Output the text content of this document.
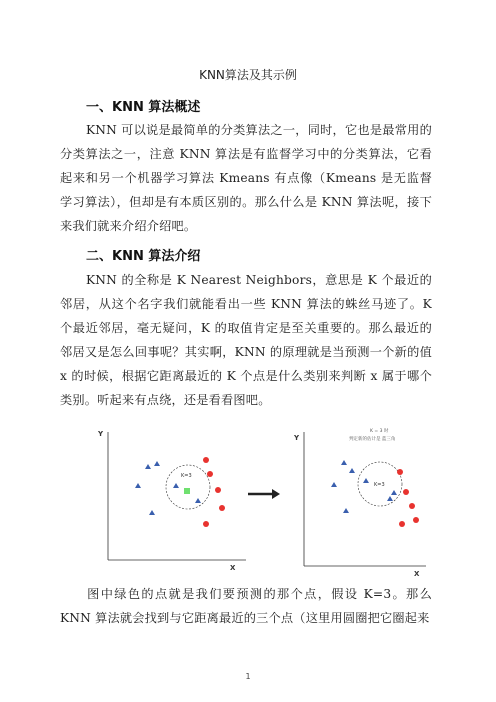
KNN算法及其示例
一、KNN 算法概述
KNN 可以说是最简单的分类算法之一，同时，它也是最常用的分类算法之一，注意 KNN 算法是有监督学习中的分类算法，它看起来和另一个机器学习算法 Kmeans 有点像（Kmeans 是无监督学习算法），但却是有本质区别的。那么什么是 KNN 算法呢，接下来我们就来介绍介绍吧。
二、KNN 算法介绍
KNN 的全称是 K Nearest Neighbors，意思是 K 个最近的邻居，从这个名字我们就能看出一些 KNN 算法的蛛丝马迹了。K 个最近邻居，毫无疑问，K 的取值肯定是至关重要的。那么最近的邻居又是怎么回事呢？其实啊，KNN 的原理就是当预测一个新的值 x 的时候，根据它距离最近的 K 个点是什么类别来判断 x 属于哪个类别。听起来有点绕，还是看看图吧。
Y
X
K=3
Y
X
K = 3 时
判定新的估计是 蓝三角
K=3
图中绿色的点就是我们要预测的那个点，假设 K=3。那么 KNN 算法就会找到与它距离最近的三个点（这里用圆圈把它圈起来
1
